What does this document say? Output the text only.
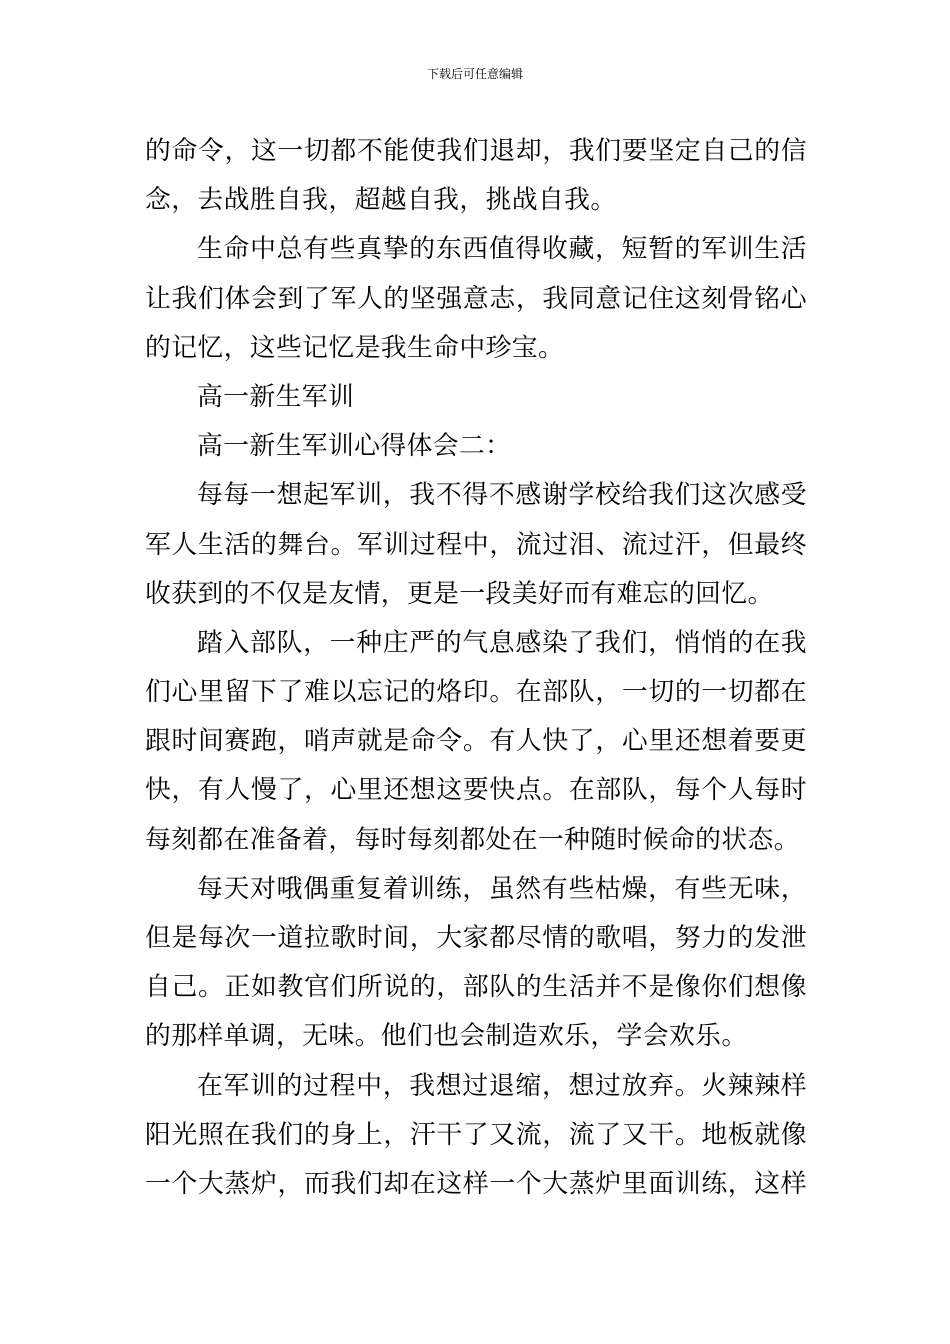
下载后可任意编辑
的命令，这一切都不能使我们退却，我们要坚定自己的信
念，去战胜自我，超越自我，挑战自我。
生命中总有些真挚的东西值得收藏，短暂的军训生活
让我们体会到了军人的坚强意志，我同意记住这刻骨铭心
的记忆，这些记忆是我生命中珍宝。
高一新生军训
高一新生军训心得体会二：
每每一想起军训，我不得不感谢学校给我们这次感受
军人生活的舞台。军训过程中，流过泪、流过汗，但最终
收获到的不仅是友情，更是一段美好而有难忘的回忆。
踏入部队，一种庄严的气息感染了我们，悄悄的在我
们心里留下了难以忘记的烙印。在部队，一切的一切都在
跟时间赛跑，哨声就是命令。有人快了，心里还想着要更
快，有人慢了，心里还想这要快点。在部队，每个人每时
每刻都在准备着，每时每刻都处在一种随时候命的状态。
每天对哦偶重复着训练，虽然有些枯燥，有些无味，
但是每次一道拉歌时间，大家都尽情的歌唱，努力的发泄
自己。正如教官们所说的，部队的生活并不是像你们想像
的那样单调，无味。他们也会制造欢乐，学会欢乐。
在军训的过程中，我想过退缩，想过放弃。火辣辣样
阳光照在我们的身上，汗干了又流，流了又干。地板就像
一个大蒸炉，而我们却在这样一个大蒸炉里面训练，这样
